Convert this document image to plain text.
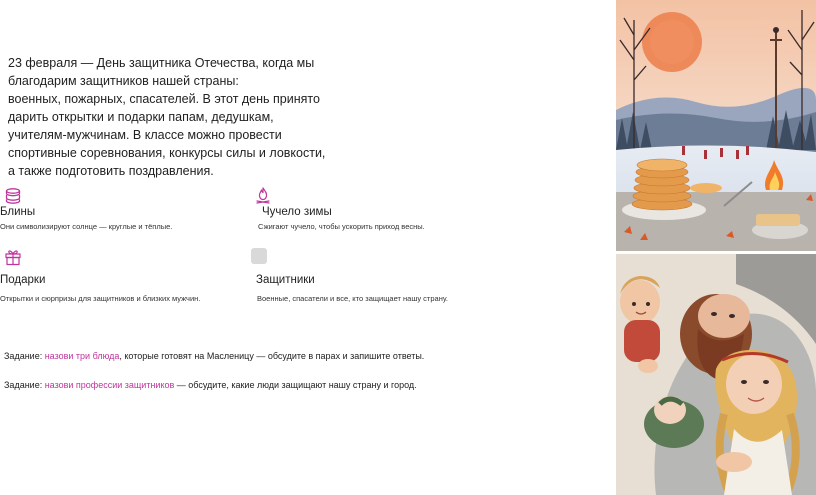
23 февраля — День защитника Отечества, когда мы
благодарим защитников нашей страны:
военных, пожарных, спасателей. В этот день принято
дарить открытки и подарки папам, дедушкам,
учителям-мужчинам. В классе можно провести
спортивные соревнования, конкурсы силы и ловкости,
а также подготовить поздравления.
Блины
Они символизируют солнце — круглые и тёплые.
Чучело зимы
Сжигают чучело, чтобы ускорить приход весны.
Подарки
Открытки и сюрпризы для защитников и близких мужчин.
Защитники
Военные, спасатели и все, кто защищает нашу страну.
Задание: назови три блюда, которые готовят на Масленицу — обсудите в парах и запишите ответы.
Задание: назови профессии защитников — обсудите, какие люди защищают нашу страну и город.
